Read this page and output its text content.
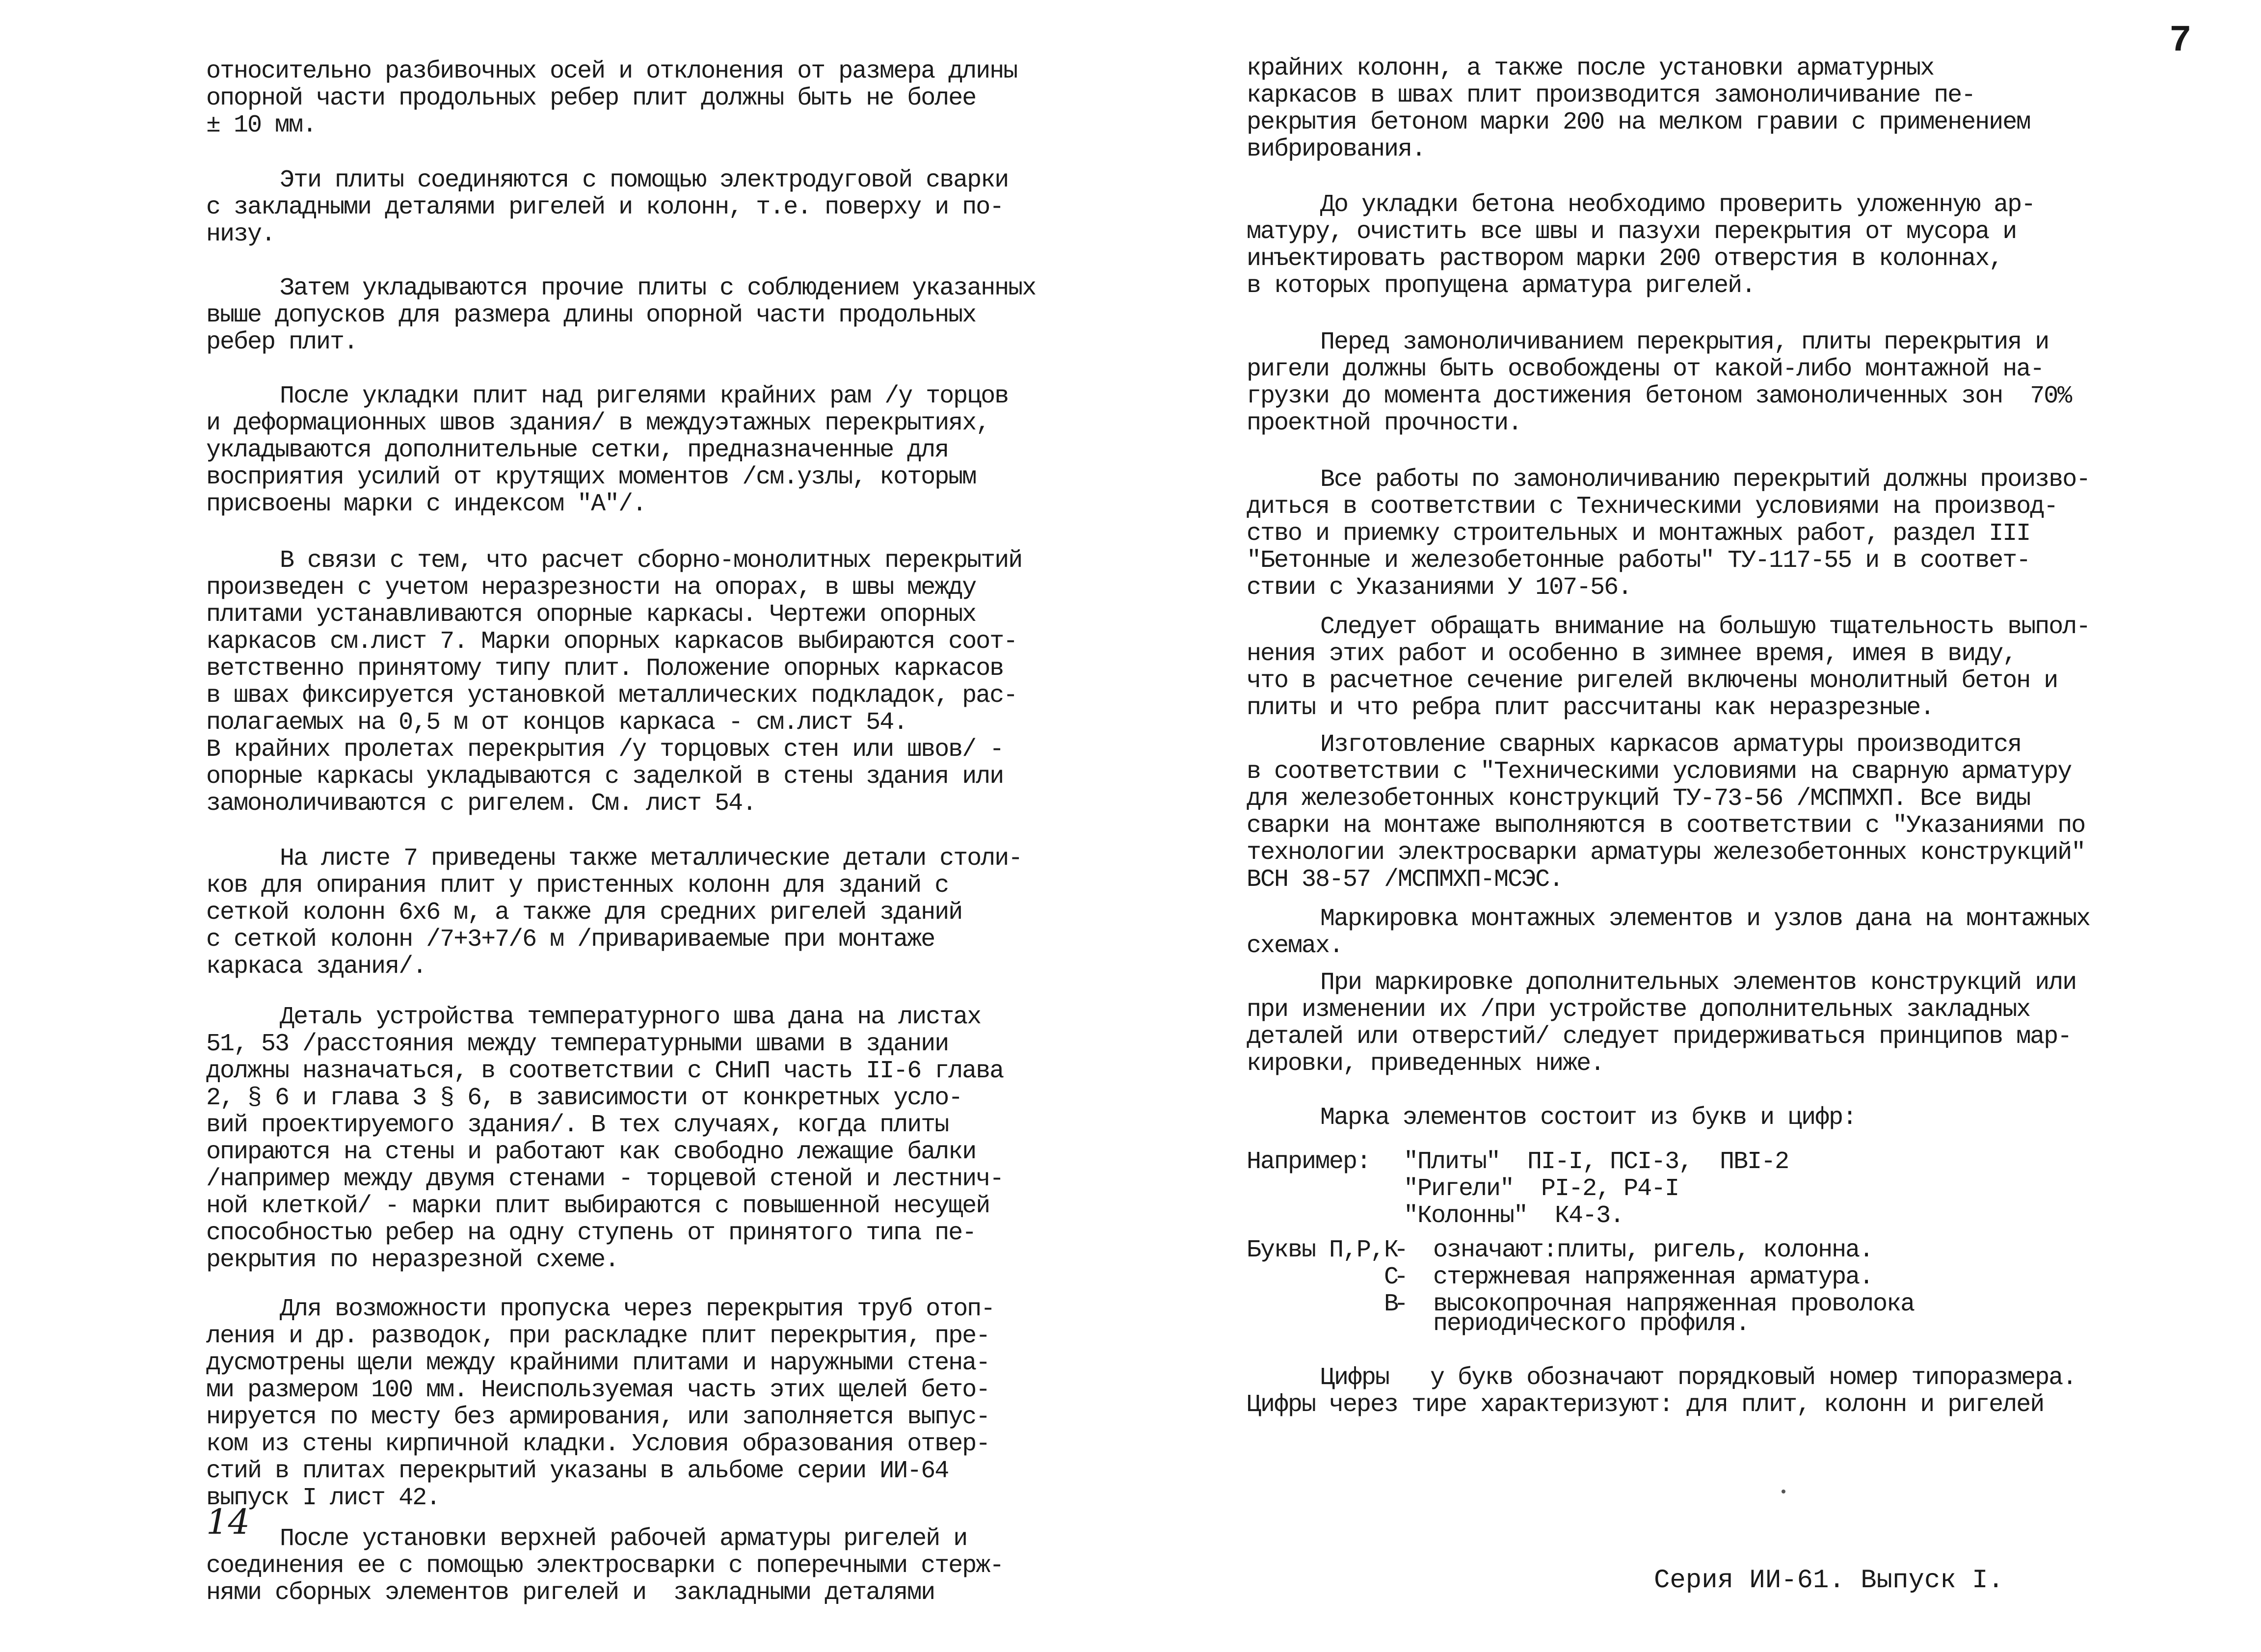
7
относительно разбивочных осей и отклонения от размера длины
опорной части продольных ребер плит должны быть не более
± 10 мм.
Эти плиты соединяются с помощью электродуговой сварки
с закладными деталями ригелей и колонн, т.е. поверху и по-
низу.
Затем укладываются прочие плиты с соблюдением указанных
выше допусков для размера длины опорной части продольных
ребер плит.
После укладки плит над ригелями крайних рам /у торцов
и деформационных швов здания/ в междуэтажных перекрытиях,
укладываются дополнительные сетки, предназначенные для
восприятия усилий от крутящих моментов /см.узлы, которым
присвоены марки с индексом "А"/.
В связи с тем, что расчет сборно-монолитных перекрытий
произведен с учетом неразрезности на опорах, в швы между
плитами устанавливаются опорные каркасы. Чертежи опорных
каркасов см.лист 7. Марки опорных каркасов выбираются соот-
ветственно принятому типу плит. Положение опорных каркасов
в швах фиксируется установкой металлических подкладок, рас-
полагаемых на 0,5 м от концов каркаса - см.лист 54.
В крайних пролетах перекрытия /у торцовых стен или швов/ -
опорные каркасы укладываются с заделкой в стены здания или
замоноличиваются с ригелем. См. лист 54.
На листе 7 приведены также металлические детали столи-
ков для опирания плит у пристенных колонн для зданий с
сеткой колонн 6х6 м, а также для средних ригелей зданий
с сеткой колонн /7+3+7/6 м /привариваемые при монтаже
каркаса здания/.
Деталь устройства температурного шва дана на листах
51, 53 /расстояния между температурными швами в здании
должны назначаться, в соответствии с СНиП часть II-6 глава
2, § 6 и глава 3 § 6, в зависимости от конкретных усло-
вий проектируемого здания/. В тех случаях, когда плиты
опираются на стены и работают как свободно лежащие балки
/например между двумя стенами - торцевой стеной и лестнич-
ной клеткой/ - марки плит выбираются с повышенной несущей
способностью ребер на одну ступень от принятого типа пе-
рекрытия по неразрезной схеме.
Для возможности пропуска через перекрытия труб отоп-
ления и др. разводок, при раскладке плит перекрытия, пре-
дусмотрены щели между крайними плитами и наружными стена-
ми размером 100 мм. Неиспользуемая часть этих щелей бето-
нируется по месту без армирования, или заполняется выпус-
ком из стены кирпичной кладки. Условия образования отвер-
стий в плитах перекрытий указаны в альбоме серии ИИ-64
выпуск I лист 42.
После установки верхней рабочей арматуры ригелей и
соединения ее с помощью электросварки с поперечными стерж-
нями сборных элементов ригелей и  закладными деталями
14
крайних колонн, а также после установки арматурных
каркасов в швах плит производится замоноличивание пе-
рекрытия бетоном марки 200 на мелком гравии с применением
вибрирования.
До укладки бетона необходимо проверить уложенную ар-
матуру, очистить все швы и пазухи перекрытия от мусора и
инъектировать раствором марки 200 отверстия в колоннах,
в которых пропущена арматура ригелей.
Перед замоноличиванием перекрытия, плиты перекрытия и
ригели должны быть освобождены от какой-либо монтажной на-
грузки до момента достижения бетоном замоноличенных зон  70%
проектной прочности.
Все работы по замоноличиванию перекрытий должны произво-
диться в соответствии с Техническими условиями на производ-
ство и приемку строительных и монтажных работ, раздел III
"Бетонные и железобетонные работы" ТУ-117-55 и в соответ-
ствии с Указаниями У 107-56.
Следует обращать внимание на большую тщательность выпол-
нения этих работ и особенно в зимнее время, имея в виду,
что в расчетное сечение ригелей включены монолитный бетон и
плиты и что ребра плит рассчитаны как неразрезные.
Изготовление сварных каркасов арматуры производится
в соответствии с "Техническими условиями на сварную арматуру
для железобетонных конструкций ТУ-73-56 /МСПМХП. Все виды
сварки на монтаже выполняются в соответствии с "Указаниями по
технологии электросварки арматуры железобетонных конструкций"
ВСН 38-57 /МСПМХП-МСЭС.
Маркировка монтажных элементов и узлов дана на монтажных
схемах.
При маркировке дополнительных элементов конструкций или
при изменении их /при устройстве дополнительных закладных
деталей или отверстий/ следует придерживаться принципов мар-
кировки, приведенных ниже.
Марка элементов состоит из букв и цифр:
Например: "Плиты"  ПI-I, ПСI-3,  ПВI-2
"Ригели"  PI-2, P4-I
"Колонны"  К4-3.
Буквы П,Р,К
- означают:плиты, ригель, колонна.
С
- стержневая напряженная арматура.
В
- высокопрочная напряженная проволока
периодического профиля.
Цифры   у букв обозначают порядковый номер типоразмера.
Цифры через тире характеризуют: для плит, колонн и ригелей
Серия ИИ-61. Выпуск I.
